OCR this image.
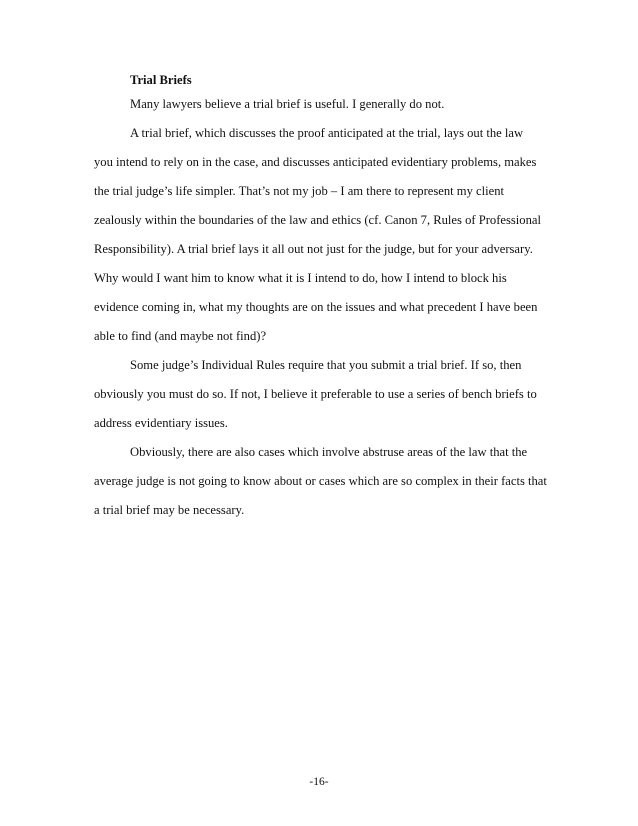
Trial Briefs
Many lawyers believe a trial brief is useful. I generally do not.
A trial brief, which discusses the proof anticipated at the trial, lays out the law
you intend to rely on in the case, and discusses anticipated evidentiary problems, makes
the trial judge’s life simpler. That’s not my job – I am there to represent my client
zealously within the boundaries of the law and ethics (cf. Canon 7, Rules of Professional
Responsibility). A trial brief lays it all out not just for the judge, but for your adversary.
Why would I want him to know what it is I intend to do, how I intend to block his
evidence coming in, what my thoughts are on the issues and what precedent I have been
able to find (and maybe not find)?
Some judge’s Individual Rules require that you submit a trial brief. If so, then
obviously you must do so. If not, I believe it preferable to use a series of bench briefs to
address evidentiary issues.
Obviously, there are also cases which involve abstruse areas of the law that the
average judge is not going to know about or cases which are so complex in their facts that
a trial brief may be necessary.
-16-
